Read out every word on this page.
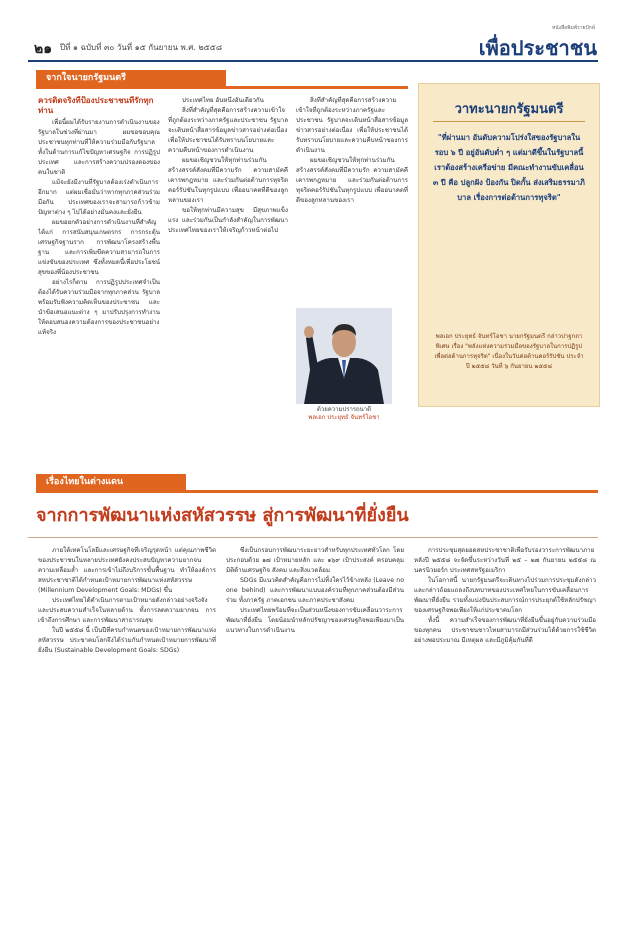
๒๑ ปีที่ ๑ ฉบับที่ ๓๐ วันที่ ๑๕ กันยายน พ.ศ. ๒๕๕๘
หนังสือพิมพ์รายปักษ์
เพื่อประชาชน
จากใจนายกรัฐมนตรี

ควรติดจริงที่ป้องประชาชนที่รักทุกท่าน

เพื่อนี้ผมได้รับรายงานการดำเนินงานของรัฐบาลในช่วงที่ผ่านมา ผมขอขอบคุณประชาชนทุกท่านที่ให้ความร่วมมือกับรัฐบาล ทั้งในด้านการแก้ไขปัญหาเศรษฐกิจ การปฏิรูปประเทศ และการสร้างความปรองดองของคนในชาติ

แม้จะยังมีงานที่รัฐบาลต้องเร่งดำเนินการอีกมาก แต่ผมเชื่อมั่นว่าหากทุกภาคส่วนร่วมมือกัน ประเทศของเราจะสามารถก้าวข้ามปัญหาต่าง ๆ ไปได้อย่างมั่นคงและยั่งยืน

ผมขอยกตัวอย่างการดำเนินงานที่สำคัญ ได้แก่ การสนับสนุนเกษตรกร การกระตุ้นเศรษฐกิจฐานราก การพัฒนาโครงสร้างพื้นฐาน และการเพิ่มขีดความสามารถในการแข่งขันของประเทศ ซึ่งทั้งหมดนี้เพื่อประโยชน์สุขของพี่น้องประชาชน

อย่างไรก็ตาม การปฏิรูปประเทศจำเป็นต้องได้รับความร่วมมือจากทุกภาคส่วน รัฐบาลพร้อมรับฟังความคิดเห็นของประชาชน และนำข้อเสนอแนะต่าง ๆ มาปรับปรุงการทำงานให้ตอบสนองความต้องการของประชาชนอย่างแท้จริง

ประเทศไทย อันหนึ่งอันเดียวกัน

สิ่งที่สำคัญที่สุดคือการสร้างความเข้าใจที่ถูกต้องระหว่างภาครัฐและประชาชน รัฐบาลจะเดินหน้าสื่อสารข้อมูลข่าวสารอย่างต่อเนื่อง เพื่อให้ประชาชนได้รับทราบนโยบายและความคืบหน้าของการดำเนินงาน

ผมขอเชิญชวนให้ทุกท่านร่วมกันสร้างสรรค์สังคมที่มีความรัก ความสามัคคี เคารพกฎหมาย และร่วมกันต่อต้านการทุจริตคอร์รัปชันในทุกรูปแบบ เพื่ออนาคตที่ดีของลูกหลานของเรา

ขอให้ทุกท่านมีความสุข มีสุขภาพแข็งแรง และร่วมกันเป็นกำลังสำคัญในการพัฒนาประเทศไทยของเราให้เจริญก้าวหน้าต่อไป

สิ่งที่สำคัญที่สุดคือการสร้างความเข้าใจที่ถูกต้องระหว่างภาครัฐและประชาชน รัฐบาลจะเดินหน้าสื่อสารข้อมูลข่าวสารอย่างต่อเนื่อง เพื่อให้ประชาชนได้รับทราบนโยบายและความคืบหน้าของการดำเนินงาน

ผมขอเชิญชวนให้ทุกท่านร่วมกันสร้างสรรค์สังคมที่มีความรัก ความสามัคคี เคารพกฎหมาย และร่วมกันต่อต้านการทุจริตคอร์รัปชันในทุกรูปแบบ เพื่ออนาคตที่ดีของลูกหลานของเรา

ด้วยความปรารถนาดี
พลเอก ประยุทธ์ จันทร์โอชา
วาทะนายกรัฐมนตรี
"ที่ผ่านมา อันดับความโปร่งใสของรัฐบาลในรอบ ๖ ปี อยู่อันดับต่ำ ๆ แต่มาดีขึ้นในรัฐบาลนี้ เราต้องสร้างเครือข่าย มีคณะทำงานขับเคลื่อน ๓ ปี คือ ปลูกฝัง ป้องกัน ปิดกั้น ส่งเสริมธรรมาภิบาล เรื่องการต่อต้านการทุจริต"
พลเอก ประยุทธ์ จันทร์โอชา นายกรัฐมนตรี กล่าวปาฐกถาพิเศษ เรื่อง "พลังแห่งความร่วมมือของรัฐบาลในการปฏิรูปเพื่อต่อต้านการทุจริต" เนื่องในวันต่อต้านคอร์รัปชัน ประจำปี ๒๕๕๘ วันที่ ๖ กันยายน ๒๕๕๘
เรื่องไทยในต่างแดน
จากการพัฒนาแห่งสหัสวรรษ สู่การพัฒนาที่ยั่งยืน

ภายใต้เทคโนโลยีและเศรษฐกิจที่เจริญรุดหน้า แต่คุณภาพชีวิตของประชาชนในหลายประเทศยังคงประสบปัญหาความยากจน ความเหลื่อมล้ำ และการเข้าไม่ถึงบริการขั้นพื้นฐาน ทำให้องค์การสหประชาชาติได้กำหนดเป้าหมายการพัฒนาแห่งสหัสวรรษ (Millennium Development Goals: MDGs) ขึ้น

ประเทศไทยได้ดำเนินการตามเป้าหมายดังกล่าวอย่างจริงจัง และประสบความสำเร็จในหลายด้าน ทั้งการลดความยากจน การเข้าถึงการศึกษา และการพัฒนาสาธารณสุข

ในปี ๒๕๕๘ นี้ เป็นปีที่ครบกำหนดของเป้าหมายการพัฒนาแห่งสหัสวรรษ ประชาคมโลกจึงได้ร่วมกันกำหนดเป้าหมายการพัฒนาที่ยั่งยืน (Sustainable Development Goals: SDGs)

ซึ่งเป็นกรอบการพัฒนาระยะยาวสำหรับทุกประเทศทั่วโลก โดยประกอบด้วย ๑๗ เป้าหมายหลัก และ ๑๖๙ เป้าประสงค์ ครอบคลุมมิติด้านเศรษฐกิจ สังคม และสิ่งแวดล้อม

SDGs มีแนวคิดสำคัญคือการไม่ทิ้งใครไว้ข้างหลัง (Leave no one behind) และการพัฒนาแบบองค์รวมที่ทุกภาคส่วนต้องมีส่วนร่วม ทั้งภาครัฐ ภาคเอกชน และภาคประชาสังคม

ประเทศไทยพร้อมที่จะเป็นส่วนหนึ่งของการขับเคลื่อนวาระการพัฒนาที่ยั่งยืน โดยน้อมนำหลักปรัชญาของเศรษฐกิจพอเพียงมาเป็นแนวทางในการดำเนินงาน

การประชุมสุดยอดสหประชาชาติเพื่อรับรองวาระการพัฒนาภายหลังปี ๒๕๕๘ จะจัดขึ้นระหว่างวันที่ ๒๕ – ๒๗ กันยายน ๒๕๕๘ ณ นครนิวยอร์ก ประเทศสหรัฐอเมริกา

ในโอกาสนี้ นายกรัฐมนตรีจะเดินทางไปร่วมการประชุมดังกล่าว และกล่าวถ้อยแถลงถึงบทบาทของประเทศไทยในการขับเคลื่อนการพัฒนาที่ยั่งยืน รวมทั้งแบ่งปันประสบการณ์การประยุกต์ใช้หลักปรัชญาของเศรษฐกิจพอเพียงให้แก่ประชาคมโลก

ทั้งนี้ ความสำเร็จของการพัฒนาที่ยั่งยืนขึ้นอยู่กับความร่วมมือของทุกคน ประชาชนชาวไทยสามารถมีส่วนร่วมได้ด้วยการใช้ชีวิตอย่างพอประมาณ มีเหตุผล และมีภูมิคุ้มกันที่ดี
